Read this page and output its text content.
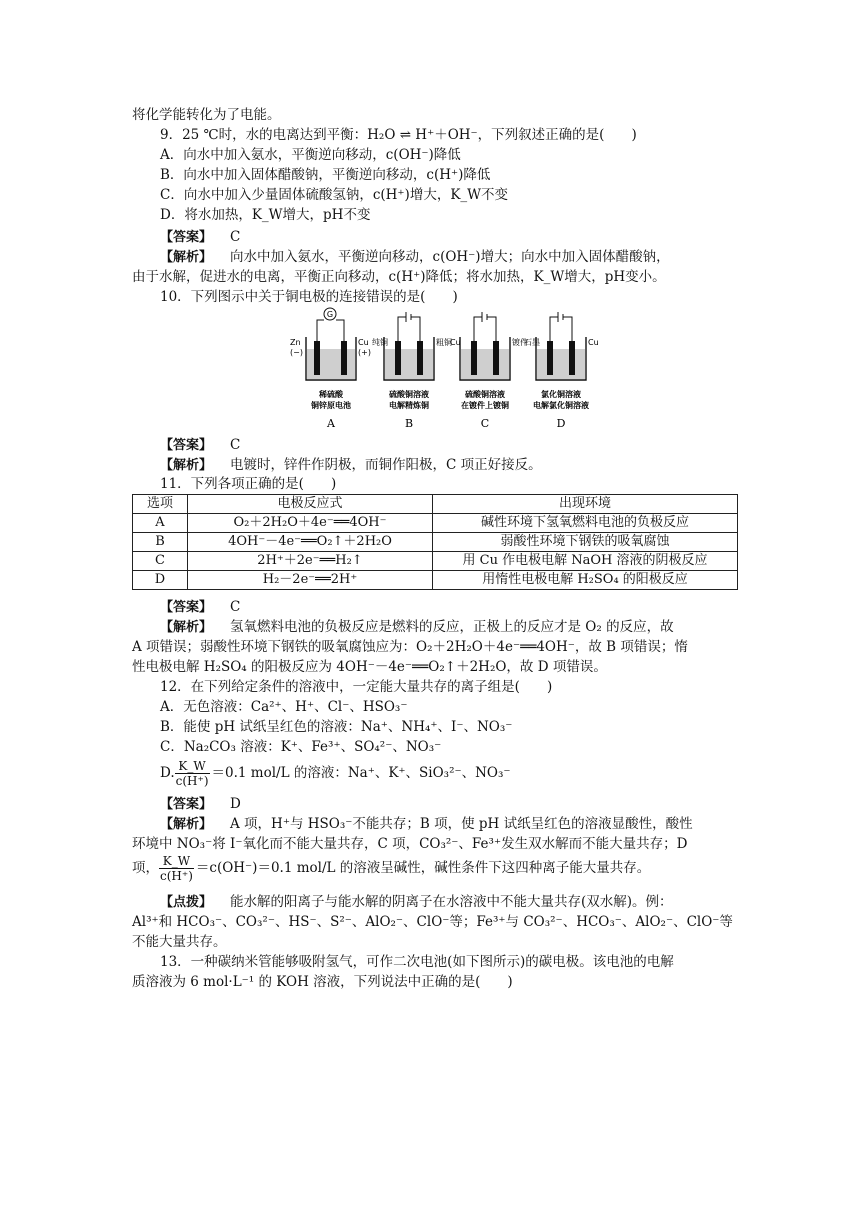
将化学能转化为了电能。
9．25 ℃时，水的电离达到平衡：H₂O ⇌ H⁺＋OH⁻，下列叙述正确的是(　　)
A．向水中加入氨水，平衡逆向移动，c(OH⁻)降低
B．向水中加入固体醋酸钠，平衡逆向移动，c(H⁺)降低
C．向水中加入少量固体硫酸氢钠，c(H⁺)增大，K_W不变
D．将水加热，K_W增大，pH不变
【答案】 C
【解析】 向水中加入氨水，平衡逆向移动，c(OH⁻)增大；向水中加入固体醋酸钠，
由于水解，促进水的电离，平衡正向移动，c(H⁺)降低；将水加热，K_W增大，pH变小。
10．下列图示中关于铜电极的连接错误的是(　　)
G
Zn
(−)
Cu
(+)
稀硫酸
铜锌原电池
A
纯铜	粗铜
硫酸铜溶液
电解精炼铜
B
Cu	镀件
硫酸铜溶液
在镀件上镀铜
C
石墨	Cu
氯化铜溶液
电解氯化铜溶液
D
【答案】 C
【解析】 电镀时，锌件作阴极，而铜作阳极，C 项正好接反。
11．下列各项正确的是(　　)
选项	电极反应式	出现环境
A	O₂＋2H₂O＋4e⁻══4OH⁻	碱性环境下氢氧燃料电池的负极反应
B	4OH⁻－4e⁻══O₂↑＋2H₂O	弱酸性环境下钢铁的吸氧腐蚀
C	2H⁺＋2e⁻══H₂↑	用 Cu 作电极电解 NaOH 溶液的阴极反应
D	H₂－2e⁻══2H⁺	用惰性电极电解 H₂SO₄ 的阳极反应
【答案】 C
【解析】 氢氧燃料电池的负极反应是燃料的反应，正极上的反应才是 O₂ 的反应，故
A 项错误；弱酸性环境下钢铁的吸氧腐蚀应为：O₂＋2H₂O＋4e⁻══4OH⁻，故 B 项错误；惰
性电极电解 H₂SO₄ 的阳极反应为 4OH⁻－4e⁻══O₂↑＋2H₂O，故 D 项错误。
12．在下列给定条件的溶液中，一定能大量共存的离子组是(　　)
A．无色溶液：Ca²⁺、H⁺、Cl⁻、HSO₃⁻
B．能使 pH 试纸呈红色的溶液：Na⁺、NH₄⁺、I⁻、NO₃⁻
C．Na₂CO₃ 溶液：K⁺、Fe³⁺、SO₄²⁻、NO₃⁻
D. $\frac{K\_W}{c(H^+)} =0.1$ mol/L 的溶液：Na⁺、K⁺、SiO₃²⁻、NO₃⁻
【答案】 D
【解析】 A 项，H⁺与 HSO₃⁻不能共存；B 项，使 pH 试纸呈红色的溶液显酸性，酸性
环境中 NO₃⁻将 I⁻氧化而不能大量共存，C 项，CO₃²⁻、Fe³⁺发生双水解而不能大量共存；D
项， $\frac{K\_W}{c(H^+)} =c(OH^-)=0.1$ mol/L 的溶液呈碱性，碱性条件下这四种离子能大量共存。
【点拨】 能水解的阳离子与能水解的阴离子在水溶液中不能大量共存(双水解)。例：
Al³⁺和 HCO₃⁻、CO₃²⁻、HS⁻、S²⁻、AlO₂⁻、ClO⁻等；Fe³⁺与 CO₃²⁻、HCO₃⁻、AlO₂⁻、ClO⁻等
不能大量共存。
13．一种碳纳米管能够吸附氢气，可作二次电池(如下图所示)的碳电极。该电池的电解
质溶液为 6 mol·L⁻¹ 的 KOH 溶液，下列说法中正确的是(　　)
